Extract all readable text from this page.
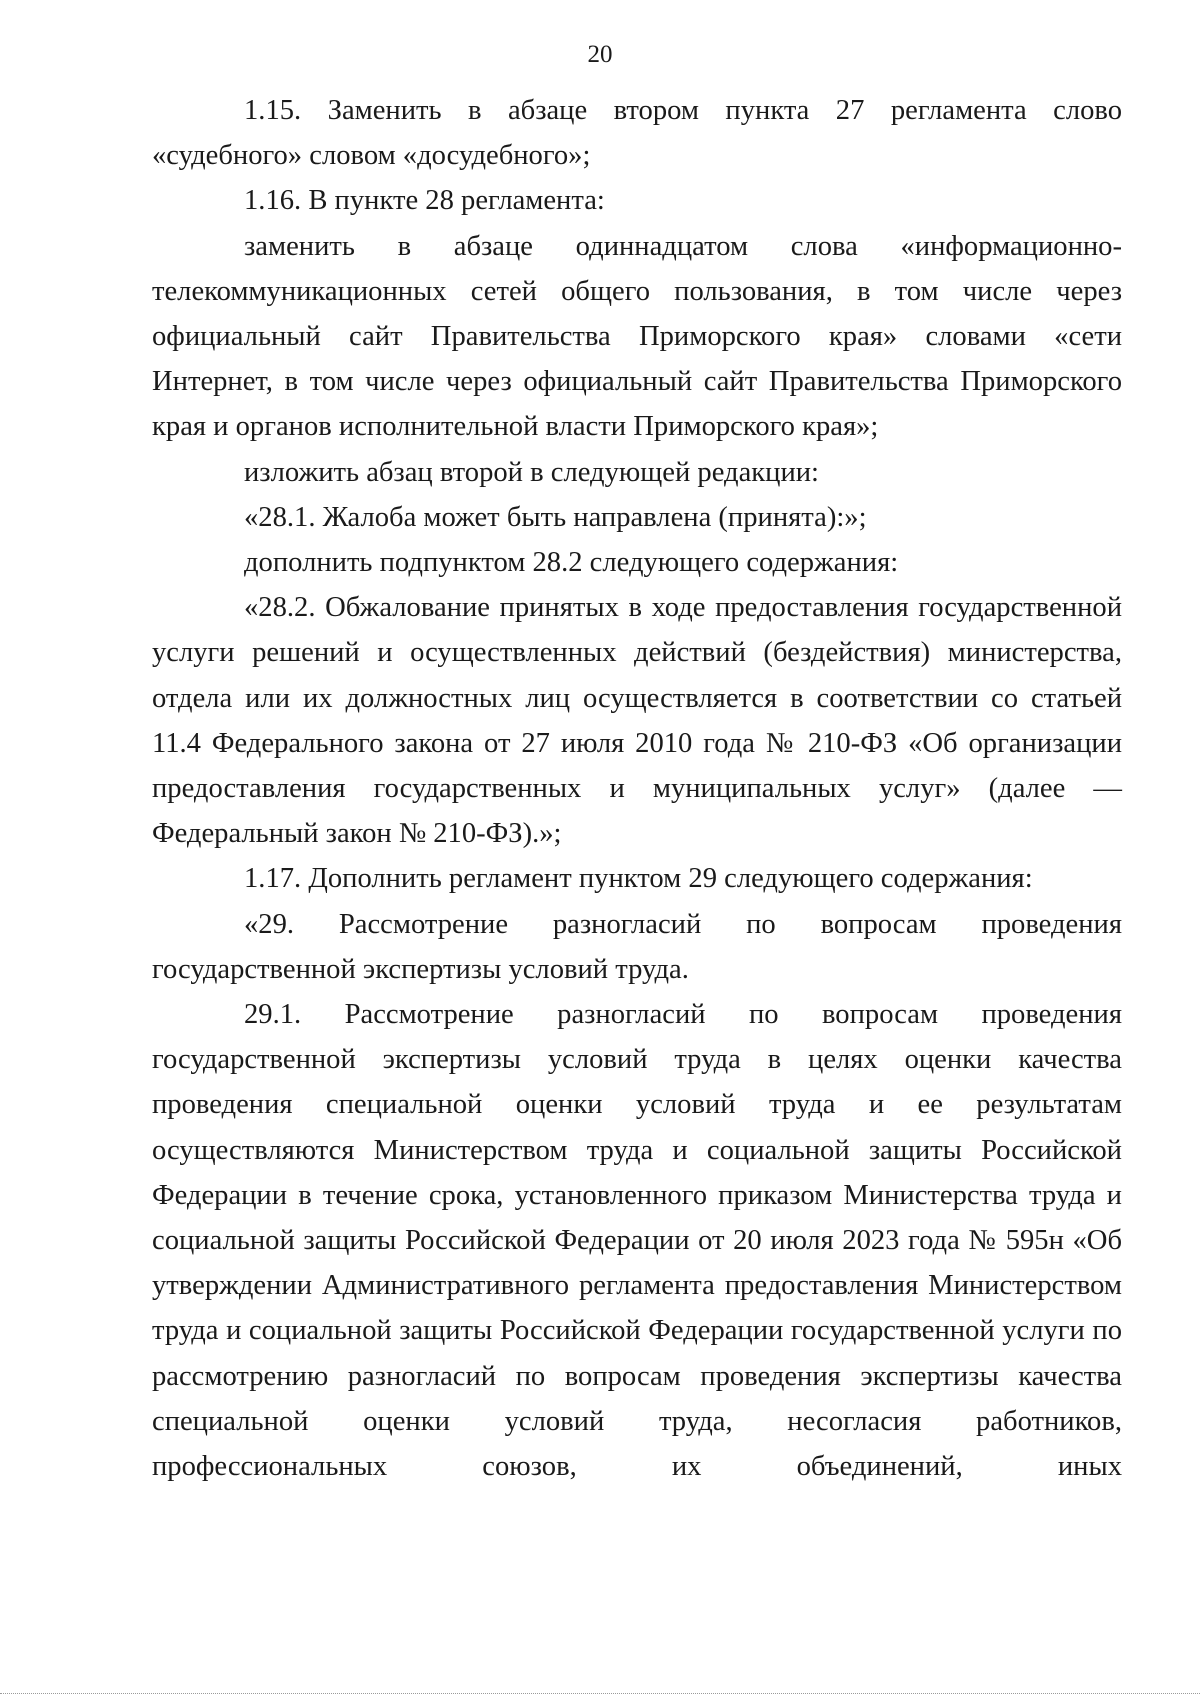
20

1.15. Заменить в абзаце втором пункта 27 регламента слово «судебного» словом «досудебного»;

1.16. В пункте 28 регламента:

заменить в абзаце одиннадцатом слова «информационно-телекоммуникационных сетей общего пользования, в том числе через официальный сайт Правительства Приморского края» словами «сети Интернет, в том числе через официальный сайт Правительства Приморского края и органов исполнительной власти Приморского края»;

изложить абзац второй в следующей редакции:

«28.1. Жалоба может быть направлена (принята):»;

дополнить подпунктом 28.2 следующего содержания:

«28.2. Обжалование принятых в ходе предоставления государственной услуги решений и осуществленных действий (бездействия) министерства, отдела или их должностных лиц осуществляется в соответствии со статьей 11.4 Федерального закона от 27 июля 2010 года № 210-ФЗ «Об организации предоставления государственных и муниципальных услуг» (далее — Федеральный закон № 210-ФЗ).»;

1.17. Дополнить регламент пунктом 29 следующего содержания:

«29. Рассмотрение разногласий по вопросам проведения государственной экспертизы условий труда.

29.1. Рассмотрение разногласий по вопросам проведения государственной экспертизы условий труда в целях оценки качества проведения специальной оценки условий труда и ее результатам осуществляются Министерством труда и социальной защиты Российской Федерации в течение срока, установленного приказом Министерства труда и социальной защиты Российской Федерации от 20 июля 2023 года № 595н «Об утверждении Административного регламента предоставления Министерством труда и социальной защиты Российской Федерации государственной услуги по рассмотрению разногласий по вопросам проведения экспертизы качества специальной оценки условий труда, несогласия работников, профессиональных союзов, их объединений, иных
